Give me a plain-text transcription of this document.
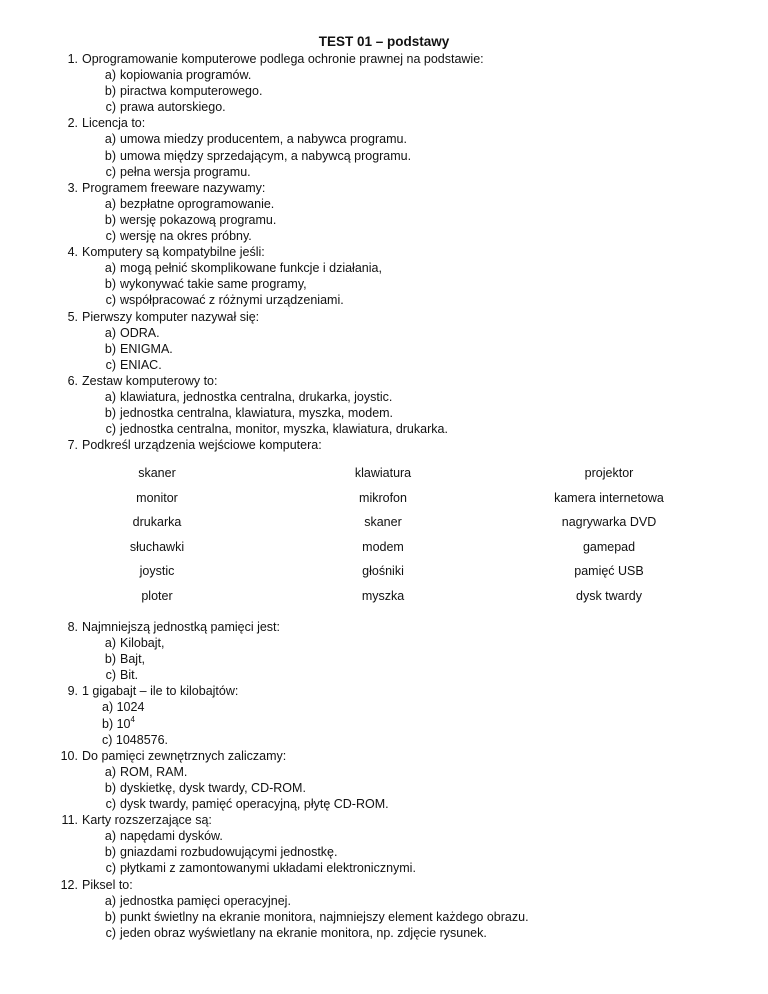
TEST 01 – podstawy
1. Oprogramowanie komputerowe podlega ochronie prawnej na podstawie:
a) kopiowania programów.
b) piractwa komputerowego.
c) prawa autorskiego.
2. Licencja to:
a) umowa miedzy producentem, a nabywca programu.
b) umowa między sprzedającym, a nabywcą programu.
c) pełna wersja programu.
3. Programem freeware nazywamy:
a) bezpłatne oprogramowanie.
b) wersję pokazową programu.
c) wersję na okres próbny.
4. Komputery są kompatybilne jeśli:
a) mogą pełnić skomplikowane funkcje i działania,
b) wykonywać takie same programy,
c) współpracować z różnymi urządzeniami.
5. Pierwszy komputer nazywał się:
a) ODRA.
b) ENIGMA.
c) ENIAC.
6. Zestaw komputerowy to:
a) klawiatura, jednostka centralna, drukarka, joystic.
b) jednostka centralna, klawiatura, myszka, modem.
c) jednostka centralna, monitor, myszka, klawiatura, drukarka.
7. Podkreśl urządzenia wejściowe komputera:
skaner	klawiatura	projektor
monitor	mikrofon	kamera internetowa
drukarka	skaner	nagrywarka DVD
słuchawki	modem	gamepad
joystic	głośniki	pamięć USB
ploter	myszka	dysk twardy
8. Najmniejszą jednostką pamięci jest:
a) Kilobajt,
b) Bajt,
c) Bit.
9. 1 gigabajt – ile to kilobajtów:
a) 1024
b) $10^4$
c) 1048576.
10. Do pamięci zewnętrznych zaliczamy:
a) ROM, RAM.
b) dyskietkę, dysk twardy, CD-ROM.
c) dysk twardy, pamięć operacyjną, płytę CD-ROM.
11. Karty rozszerzające są:
a) napędami dysków.
b) gniazdami rozbudowującymi jednostkę.
c) płytkami z zamontowanymi układami elektronicznymi.
12. Piksel to:
a) jednostka pamięci operacyjnej.
b) punkt świetlny na ekranie monitora, najmniejszy element każdego obrazu.
c) jeden obraz wyświetlany na ekranie monitora, np. zdjęcie rysunek.
